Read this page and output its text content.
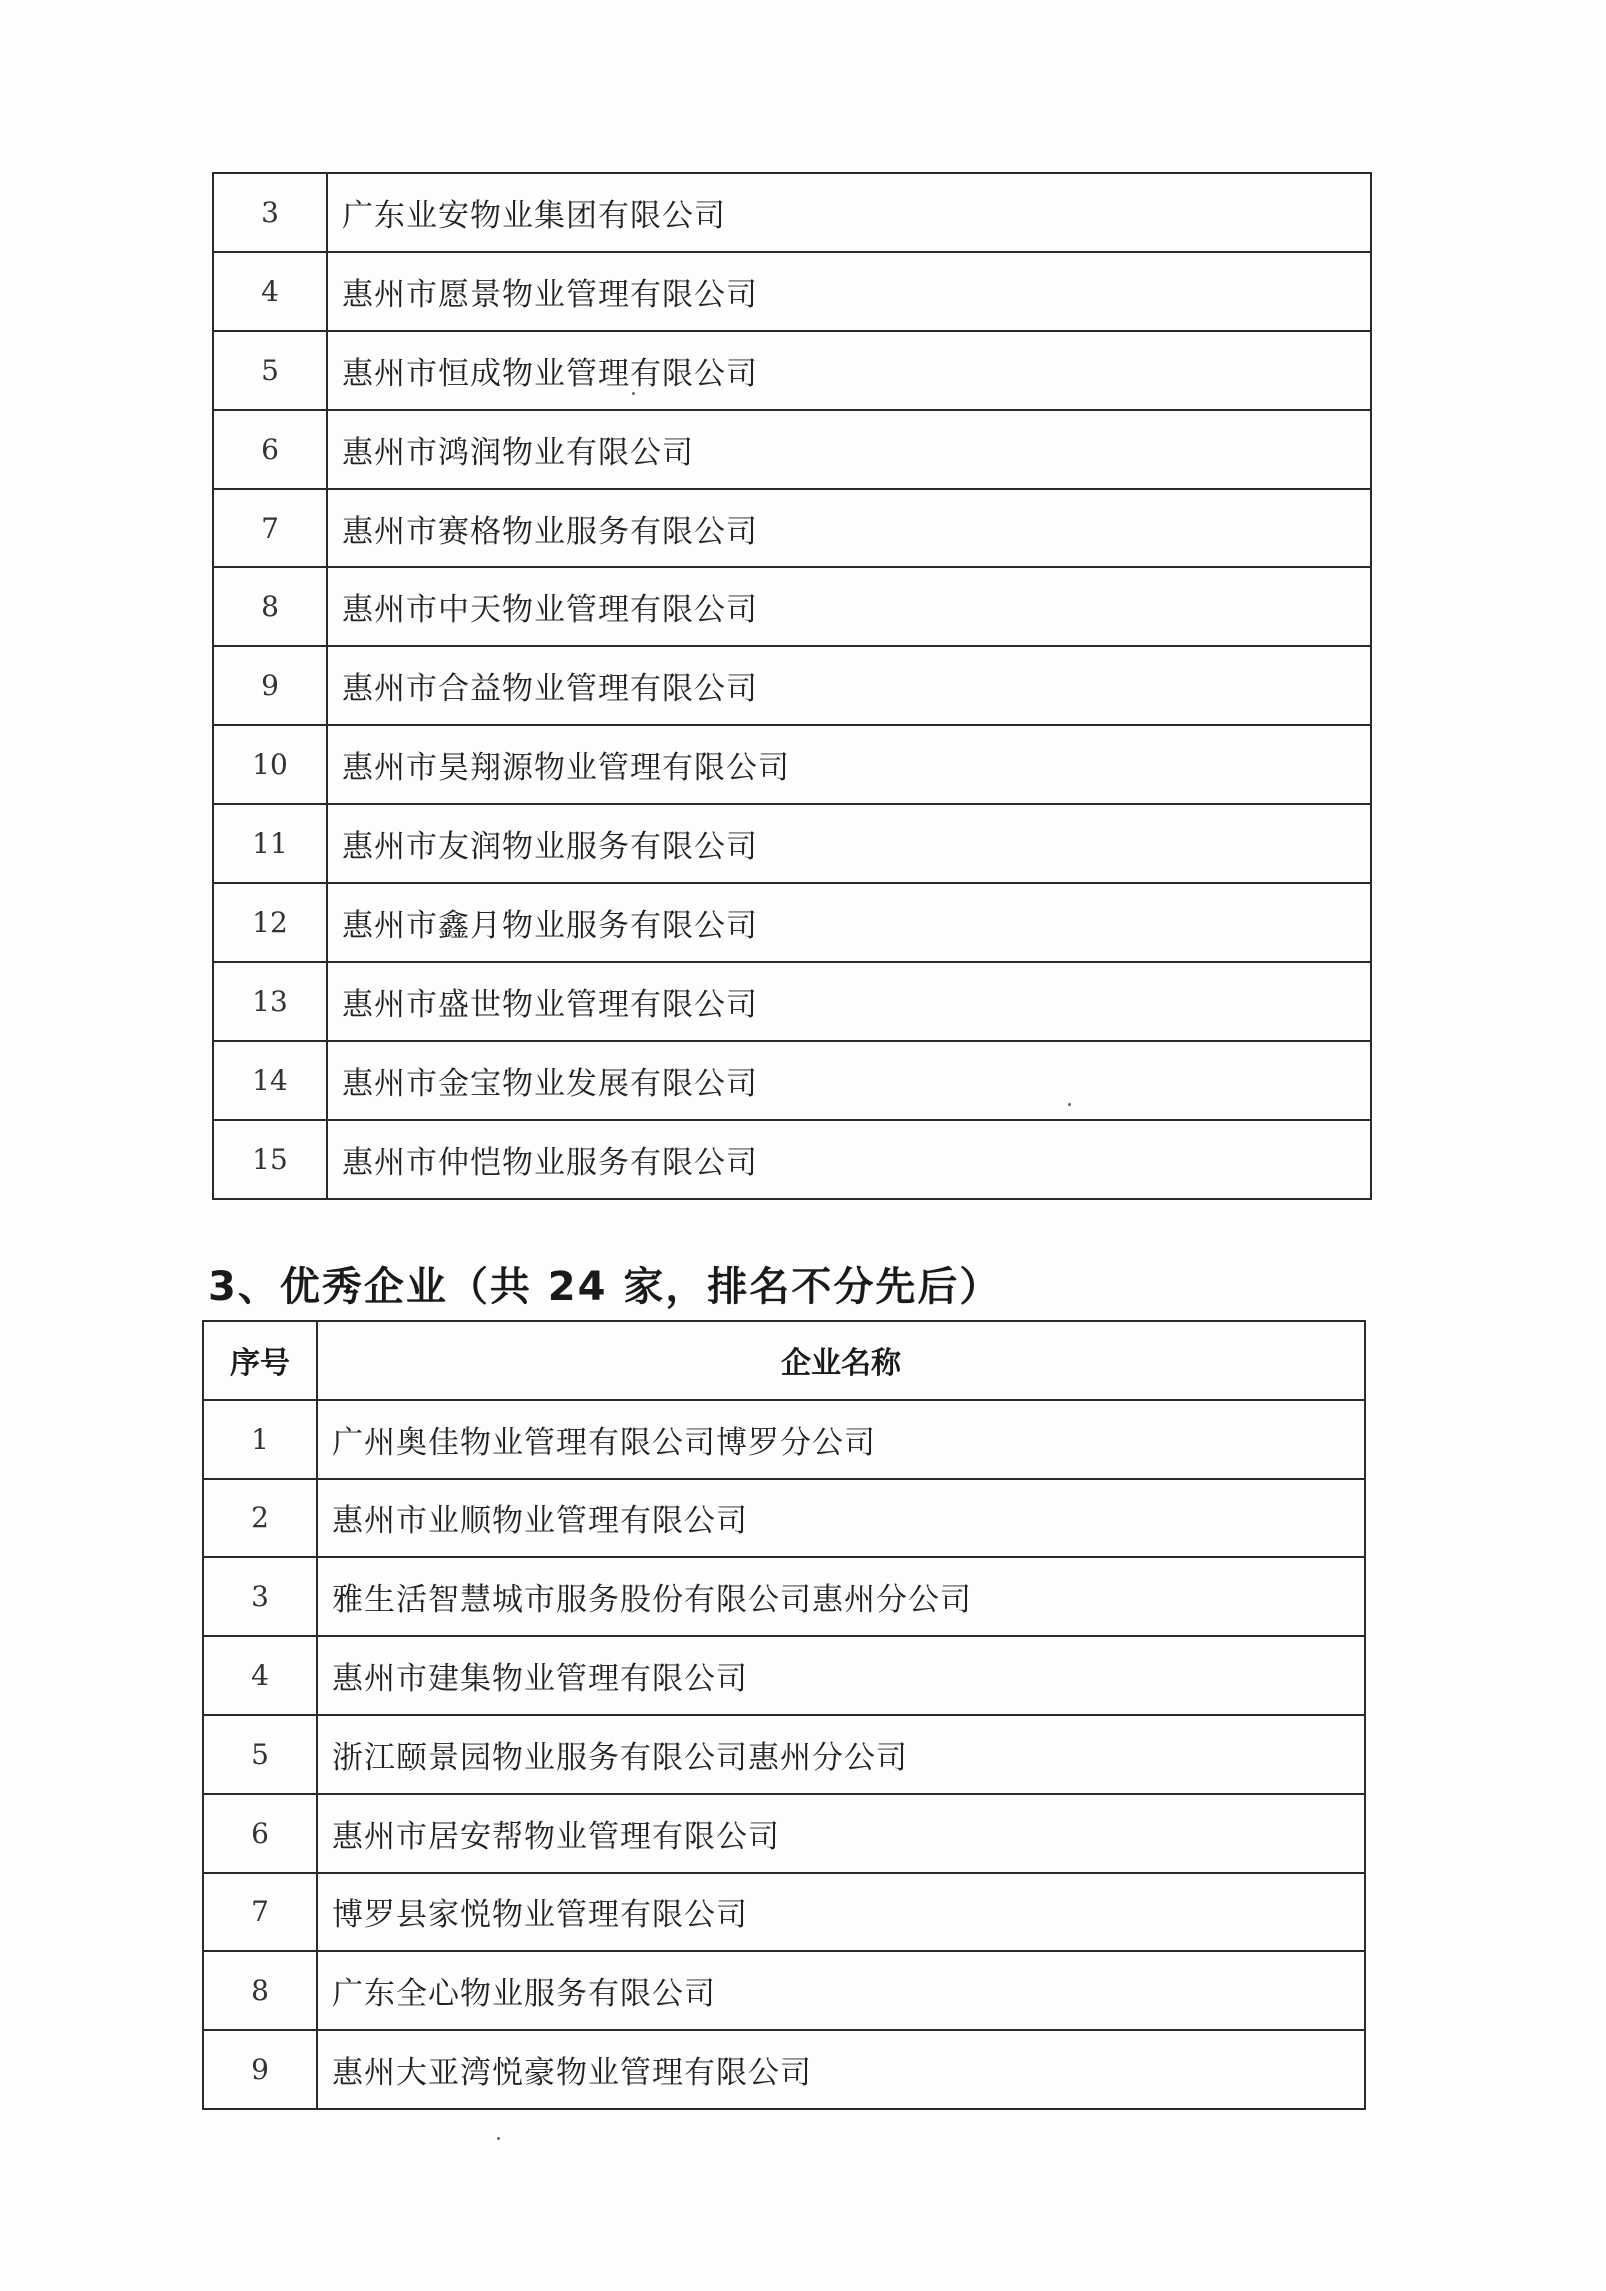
3	广东业安物业集团有限公司
4	惠州市愿景物业管理有限公司
5	惠州市恒成物业管理有限公司
6	惠州市鸿润物业有限公司
7	惠州市赛格物业服务有限公司
8	惠州市中天物业管理有限公司
9	惠州市合益物业管理有限公司
10	惠州市昊翔源物业管理有限公司
11	惠州市友润物业服务有限公司
12	惠州市鑫月物业服务有限公司
13	惠州市盛世物业管理有限公司
14	惠州市金宝物业发展有限公司
15	惠州市仲恺物业服务有限公司
3、优秀企业（共 24 家，排名不分先后）
序号	企业名称
1	广州奥佳物业管理有限公司博罗分公司
2	惠州市业顺物业管理有限公司
3	雅生活智慧城市服务股份有限公司惠州分公司
4	惠州市建集物业管理有限公司
5	浙江颐景园物业服务有限公司惠州分公司
6	惠州市居安帮物业管理有限公司
7	博罗县家悦物业管理有限公司
8	广东全心物业服务有限公司
9	惠州大亚湾悦豪物业管理有限公司
